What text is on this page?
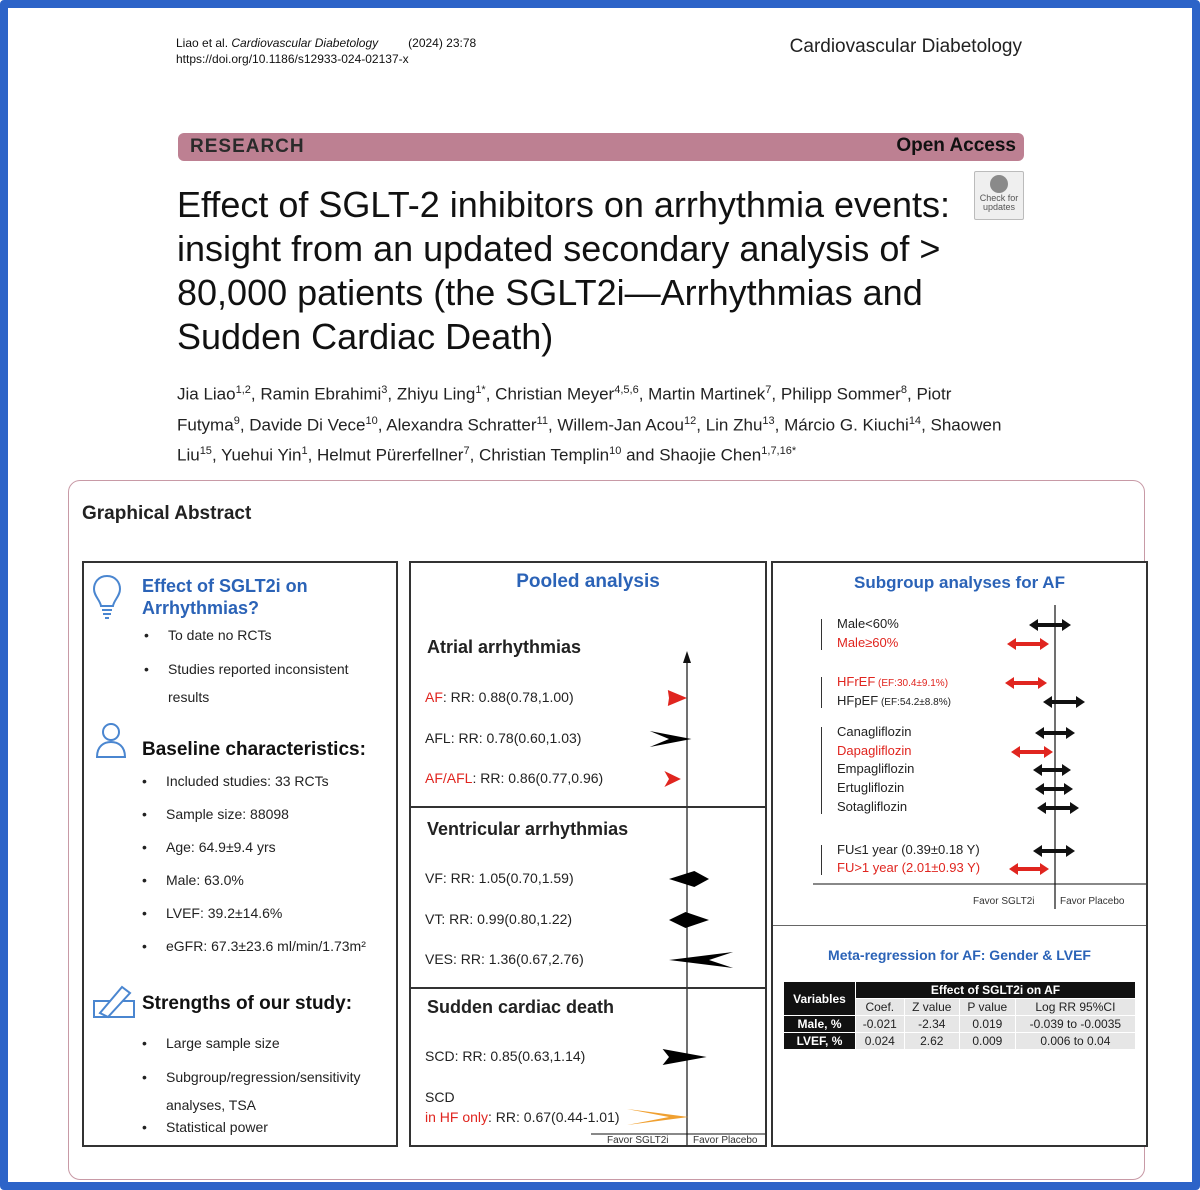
Liao et al. Cardiovascular Diabetology	(2024) 23:78
https://doi.org/10.1186/s12933-024-02137-x
Cardiovascular Diabetology
RESEARCH	Open Access
Check for
updates
Effect of SGLT-2 inhibitors on arrhythmia events: insight from an updated secondary analysis of > 80,000 patients (the SGLT2i—Arrhythmias and Sudden Cardiac Death)
Jia Liao$^{1,2}$, Ramin Ebrahimi$^3$, Zhiyu Ling$^{1*}$, Christian Meyer$^{4,5,6}$, Martin Martinek$^7$, Philipp Sommer$^8$, Piotr Futyma$^9$, Davide Di Vece$^{10}$, Alexandra Schratter$^{11}$, Willem-Jan Acou$^{12}$, Lin Zhu$^{13}$, Márcio G. Kiuchi$^{14}$, Shaowen Liu$^{15}$, Yuehui Yin$^1$, Helmut Pürerfellner$^7$, Christian Templin$^{10}$ and Shaojie Chen$^{1,7,16*}$
Graphical Abstract
Effect of SGLT2i on Arrhythmias?
• To date no RCTs
• Studies reported inconsistent results
Baseline characteristics:
• Included studies: 33 RCTs
• Sample size: 88098
• Age: 64.9±9.4 yrs
• Male: 63.0%
• LVEF: 39.2±14.6%
• eGFR: 67.3±23.6 ml/min/1.73m²
Strengths of our study:
• Large sample size
• Subgroup/regression/sensitivity analyses, TSA
• Statistical power
Pooled analysis
Atrial arrhythmias
AF: RR: 0.88(0.78,1.00)
AFL: RR: 0.78(0.60,1.03)
AF/AFL: RR: 0.86(0.77,0.96)
Ventricular arrhythmias
VF: RR: 1.05(0.70,1.59)
VT: RR: 0.99(0.80,1.22)
VES: RR: 1.36(0.67,2.76)
Sudden cardiac death
SCD: RR: 0.85(0.63,1.14)
SCD
in HF only: RR: 0.67(0.44-1.01)
Favor SGLT2i Favor Placebo
Subgroup analyses for AF
Meta-regression for AF: Gender & LVEF
Variables	Effect of SGLT2i on AF			
	Coef.	Z value	P value	Log RR 95%CI
Male, %	-0.021	-2.34	0.019	-0.039 to -0.0035
LVEF, %	0.024	2.62	0.009	0.006 to 0.04
Male<60%
Male≥60%
HFrEF (EF:30.4±9.1%)
HFpEF (EF:54.2±8.8%)
Canagliflozin
Dapagliflozin
Empagliflozin
Ertugliflozin
Sotagliflozin
FU≤1 year (0.39±0.18 Y)
FU>1 year (2.01±0.93 Y)
Favor SGLT2i	Favor Placebo
